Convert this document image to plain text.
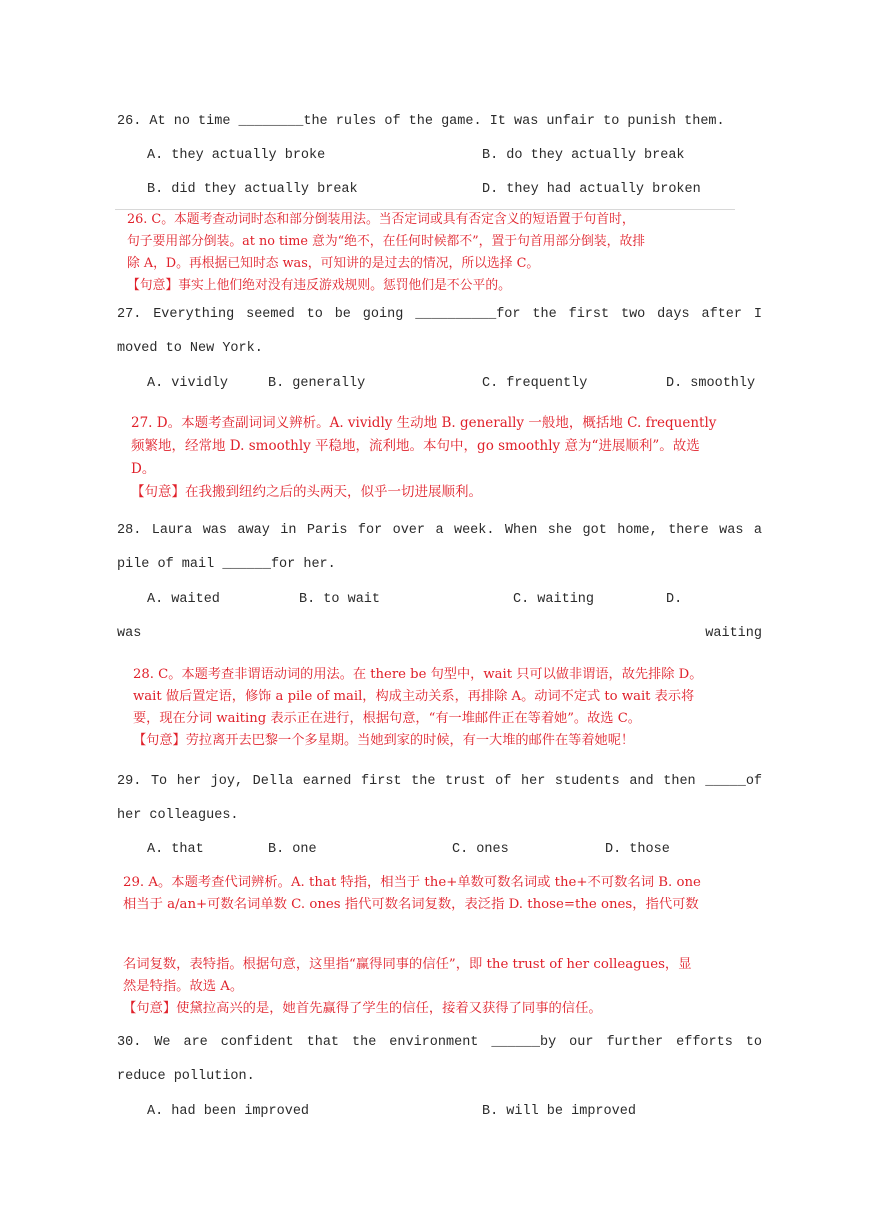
26. At no time ________the rules of the game. It was unfair to punish them.
A. they actually broke	B. do they actually break
B. did they actually break	D. they had actually broken

26. C。本题考查动词时态和部分倒装用法。当否定词或具有否定含义的短语置于句首时，

句子要用部分倒装。at no time 意为“绝不，在任何时候都不”，置于句首用部分倒装，故排

除 A，D。再根据已知时态 was，可知讲的是过去的情况，所以选择 C。

【句意】事实上他们绝对没有违反游戏规则。惩罚他们是不公平的。

27. Everything seemed to be going __________for the first two days after I moved to New York.
A. vividly	B. generally	C. frequently	D. smoothly

27. D。本题考查副词词义辨析。A. vividly 生动地 B. generally 一般地，概括地 C. frequently

频繁地，经常地 D. smoothly 平稳地，流利地。本句中，go smoothly 意为“进展顺利”。故选

D。

【句意】在我搬到纽约之后的头两天，似乎一切进展顺利。

28. Laura was away in Paris for over a week. When she got home, there was a pile of mail ______for her.
A. waited	B. to wait	C. waiting	D.
was waiting

28. C。本题考查非谓语动词的用法。在 there be 句型中，wait 只可以做非谓语，故先排除 D。

wait 做后置定语，修饰 a pile of mail，构成主动关系，再排除 A。动词不定式 to wait 表示将

要，现在分词 waiting 表示正在进行，根据句意，“有一堆邮件正在等着她”。故选 C。

【句意】劳拉离开去巴黎一个多星期。当她到家的时候，有一大堆的邮件在等着她呢！

29. To her joy, Della earned first the trust of her students and then _____of her colleagues.
A. that	B. one	C. ones	D. those

29. A。本题考查代词辨析。A. that 特指，相当于 the+单数可数名词或 the+不可数名词 B. one

相当于 a/an+可数名词单数 C. ones 指代可数名词复数，表泛指 D. those=the ones，指代可数

名词复数，表特指。根据句意，这里指“赢得同事的信任”，即 the trust of her colleagues，显

然是特指。故选 A。

【句意】使黛拉高兴的是，她首先赢得了学生的信任，接着又获得了同事的信任。

30. We are confident that the environment ______by our further efforts to reduce pollution.
A. had been improved	B. will be improved
